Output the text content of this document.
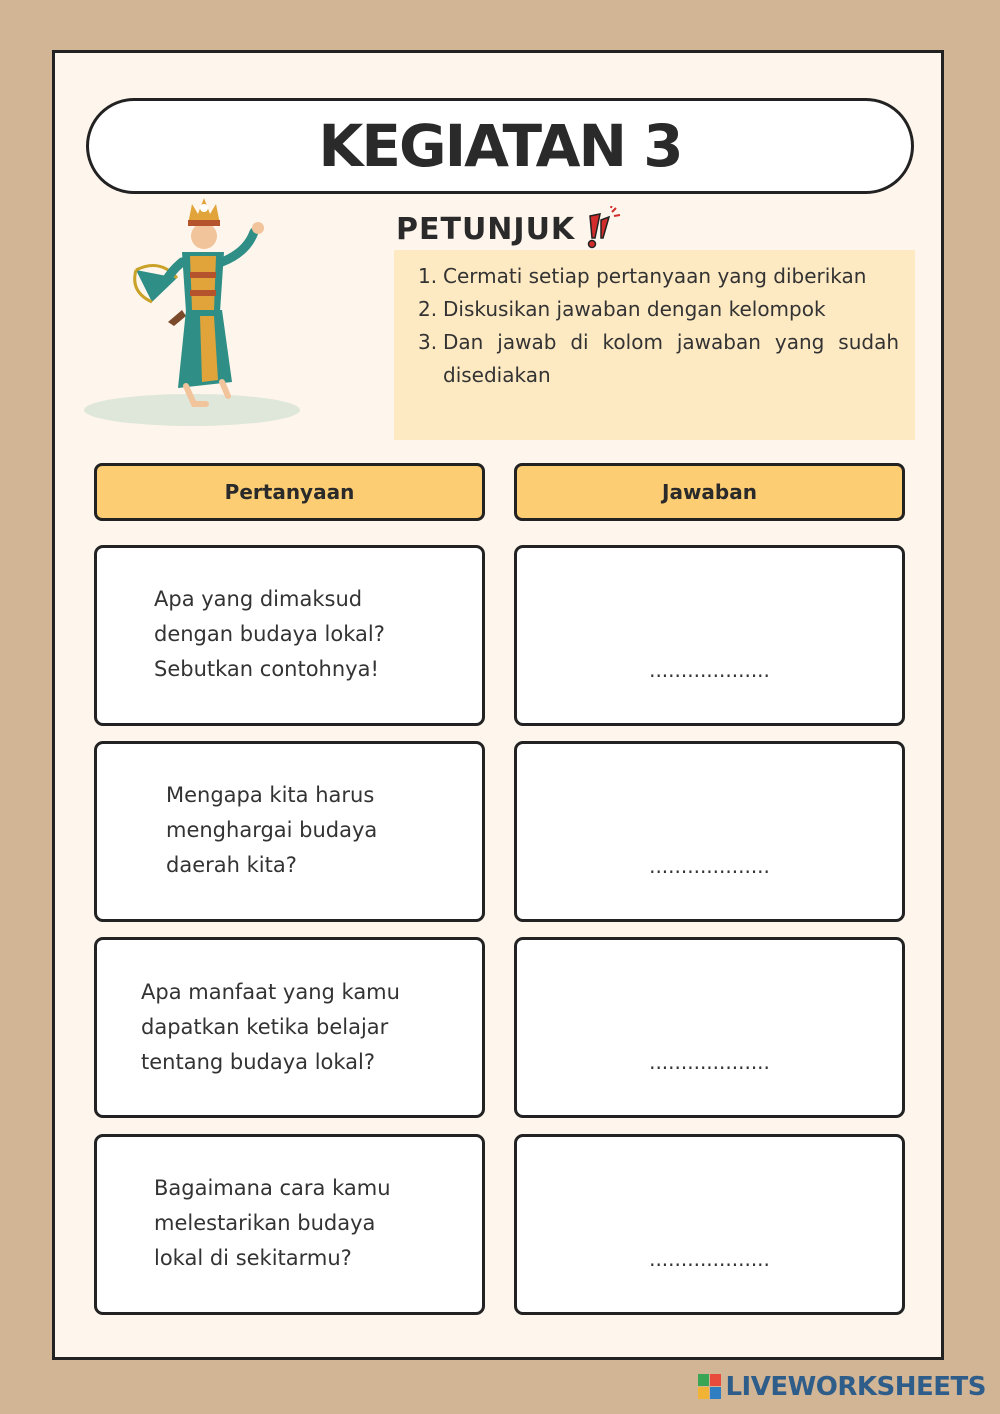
KEGIATAN 3
PETUNJUK
1. Cermati setiap pertanyaan yang diberikan
2. Diskusikan jawaban dengan kelompok
3. Dan jawab di kolom jawaban yang sudah disediakan
Pertanyaan	Jawaban
Apa yang dimaksud
dengan budaya lokal?
Sebutkan contohnya!	...................
Mengapa kita harus
menghargai budaya
daerah kita?	...................
Apa manfaat yang kamu
dapatkan ketika belajar
tentang budaya lokal?	...................
Bagaimana cara kamu
melestarikan budaya
lokal di sekitarmu?	...................
LIVEWORKSHEETS
